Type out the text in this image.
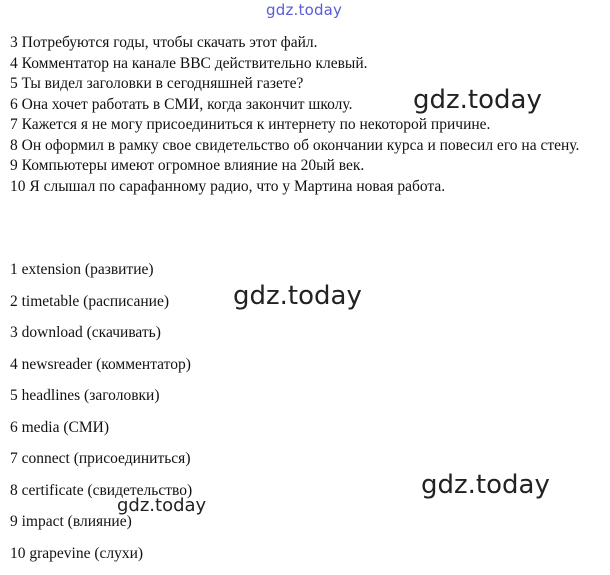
gdz.today

3 Потребуются годы, чтобы скачать этот файл.

4 Комментатор на канале BBC действительно клевый.

5 Ты видел заголовки в сегодняшней газете?

6 Она хочет работать в СМИ, когда закончит школу.

7 Кажется я не могу присоединиться к интернету по некоторой причине.

8 Он оформил в рамку свое свидетельство об окончании курса и повесил его на стену.

9 Компьютеры имеют огромное влияние на 20ый век.

10 Я слышал по сарафанному радио, что у Мартина новая работа.

1 extension (развитие)
2 timetable (расписание)
3 download (скачивать)
4 newsreader (комментатор)
5 headlines (заголовки)
6 media (СМИ)
7 connect (присоединиться)
8 certificate (свидетельство)
9 impact (влияние)
10 grapevine (слухи)
gdz.today
gdz.today
gdz.today
gdz.today
